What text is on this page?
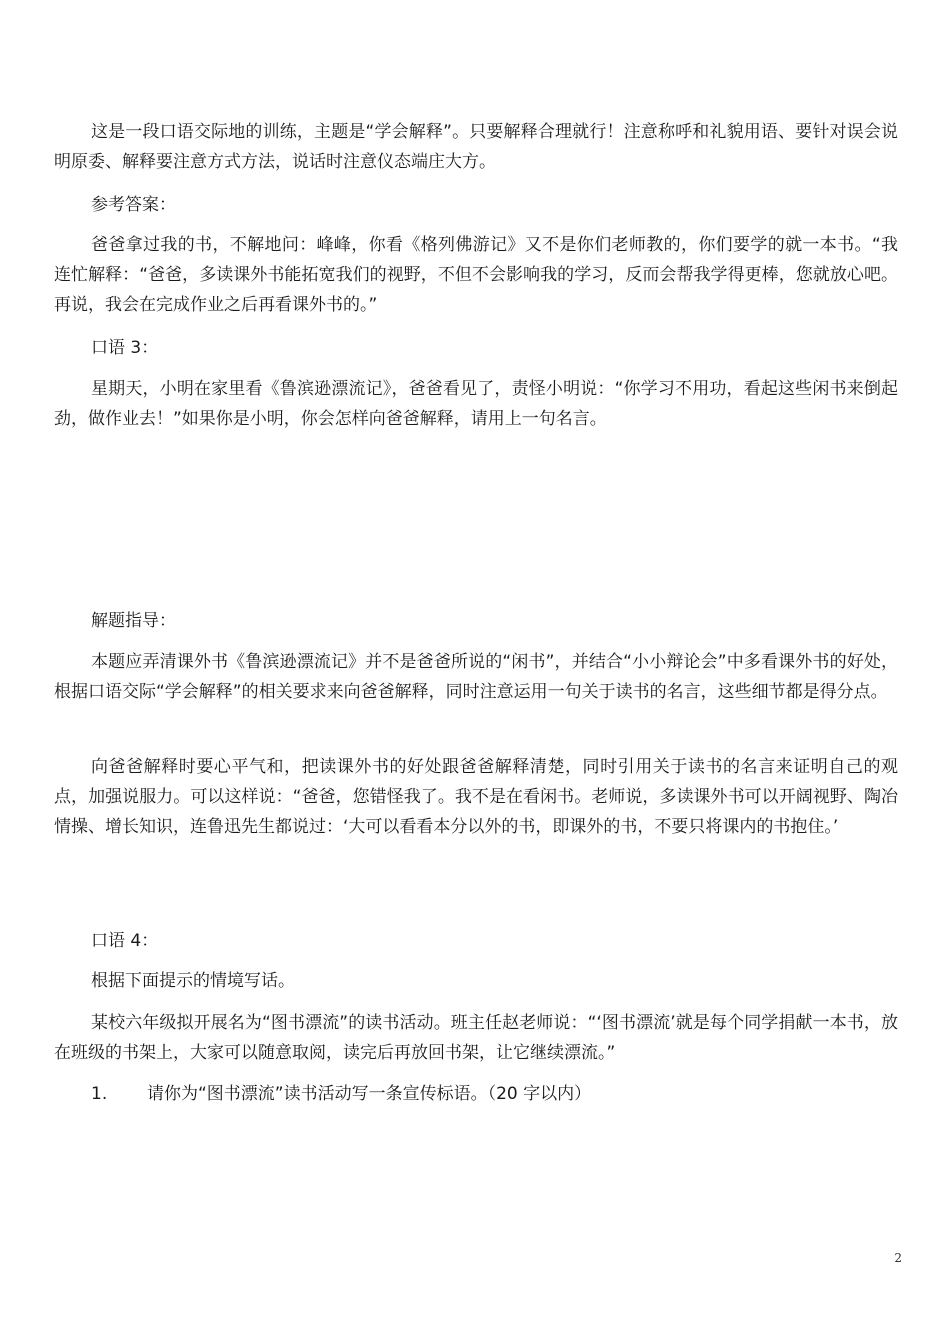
这是一段口语交际地的训练，主题是“学会解释”。只要解释合理就行！注意称呼和礼貌用语、要针对误会说明原委、解释要注意方式方法，说话时注意仪态端庄大方。

参考答案：

爸爸拿过我的书，不解地问：峰峰，你看《格列佛游记》又不是你们老师教的，你们要学的就一本书。“我连忙解释：“爸爸，多读课外书能拓宽我们的视野，不但不会影响我的学习，反而会帮我学得更棒，您就放心吧。再说，我会在完成作业之后再看课外书的。”

口语 3：

星期天，小明在家里看《鲁滨逊漂流记》，爸爸看见了，责怪小明说：“你学习不用功，看起这些闲书来倒起劲，做作业去！”如果你是小明，你会怎样向爸爸解释，请用上一句名言。

解题指导：

本题应弄清课外书《鲁滨逊漂流记》并不是爸爸所说的“闲书”，并结合“小小辩论会”中多看课外书的好处，根据口语交际“学会解释”的相关要求来向爸爸解释，同时注意运用一句关于读书的名言，这些细节都是得分点。

向爸爸解释时要心平气和，把读课外书的好处跟爸爸解释清楚，同时引用关于读书的名言来证明自己的观点，加强说服力。可以这样说：“爸爸，您错怪我了。我不是在看闲书。老师说，多读课外书可以开阔视野、陶冶情操、增长知识，连鲁迅先生都说过：‘大可以看看本分以外的书，即课外的书，不要只将课内的书抱住。’

口语 4：

根据下面提示的情境写话。

某校六年级拟开展名为“图书漂流”的读书活动。班主任赵老师说：“‘图书漂流’就是每个同学捐献一本书，放在班级的书架上，大家可以随意取阅，读完后再放回书架，让它继续漂流。”

1. 请你为“图书漂流”读书活动写一条宣传标语。（20 字以内）
2
